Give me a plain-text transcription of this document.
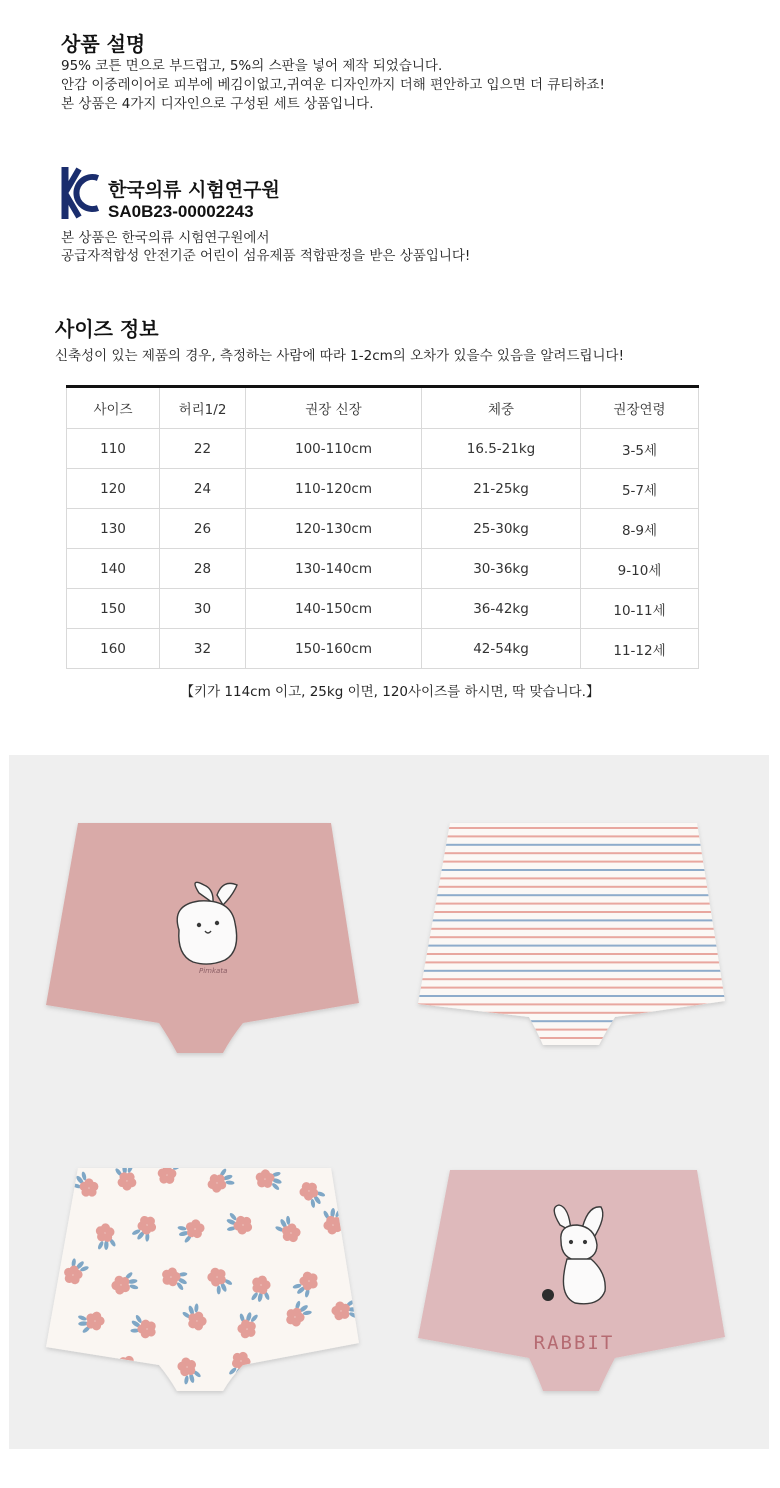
상품 설명
95% 코튼 면으로 부드럽고, 5%의 스판을 넣어 제작 되었습니다.
안감 이중레이어로 피부에 베김이없고,귀여운 디자인까지 더해 편안하고 입으면 더 큐티하죠!
본 상품은 4가지 디자인으로 구성된 세트 상품입니다.
한국의류 시험연구원
SA0B23-00002243
본 상품은 한국의류 시험연구원에서
공급자적합성 안전기준 어린이 섬유제품 적합판정을 받은 상품입니다!
사이즈 정보
신축성이 있는 제품의 경우, 측정하는 사람에 따라 1-2cm의 오차가 있을수 있음을 알려드립니다!
사이즈	허리1/2	권장 신장	체중	권장연령
110	22	100-110cm	16.5-21kg	3-5세
120	24	110-120cm	21-25kg	5-7세
130	26	120-130cm	25-30kg	8-9세
140	28	130-140cm	30-36kg	9-10세
150	30	140-150cm	36-42kg	10-11세
160	32	150-160cm	42-54kg	11-12세
【키가 114cm 이고, 25kg 이면, 120사이즈를 하시면, 딱 맞습니다.】
Pimkata
RABBIT
